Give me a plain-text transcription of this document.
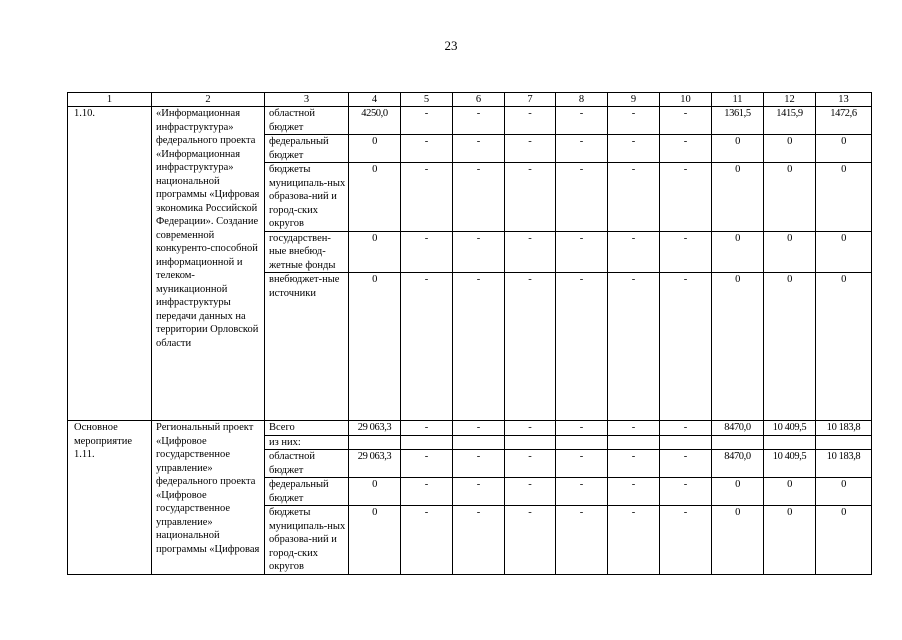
23
1	2	3	4	5	6	7	8	9	10	11	12	13
1.10.	«Информационная инфраструктура» федерального проекта «Информационная инфраструктура» национальной программы «Цифровая экономика Российской Федерации». Создание современной конкуренто-способной информационной и телеком-муникационной инфраструктуры передачи данных на территории Орловской области	областной бюджет	4250,0	-	-	-	-	-	-	1361,5	1415,9	1472,6
		федеральный бюджет	0	-	-	-	-	-	-	0	0	0
		бюджеты муниципаль-ных образова-ний и город-ских округов	0	-	-	-	-	-	-	0	0	0
		государствен-ные внебюд-жетные фонды	0	-	-	-	-	-	-	0	0	0
		внебюджет-ные источники	0	-	-	-	-	-	-	0	0	0
Основное мероприятие 1.11.	Региональный проект «Цифровое государственное управление» федерального проекта «Цифровое государственное управление» национальной программы «Цифровая	Всего	29 063,3	-	-	-	-	-	-	8470,0	10 409,5	10 183,8
		из них:										
		областной бюджет	29 063,3	-	-	-	-	-	-	8470,0	10 409,5	10 183,8
		федеральный бюджет	0	-	-	-	-	-	-	0	0	0
		бюджеты муниципаль-ных образова-ний и город-ских округов	0	-	-	-	-	-	-	0	0	0
